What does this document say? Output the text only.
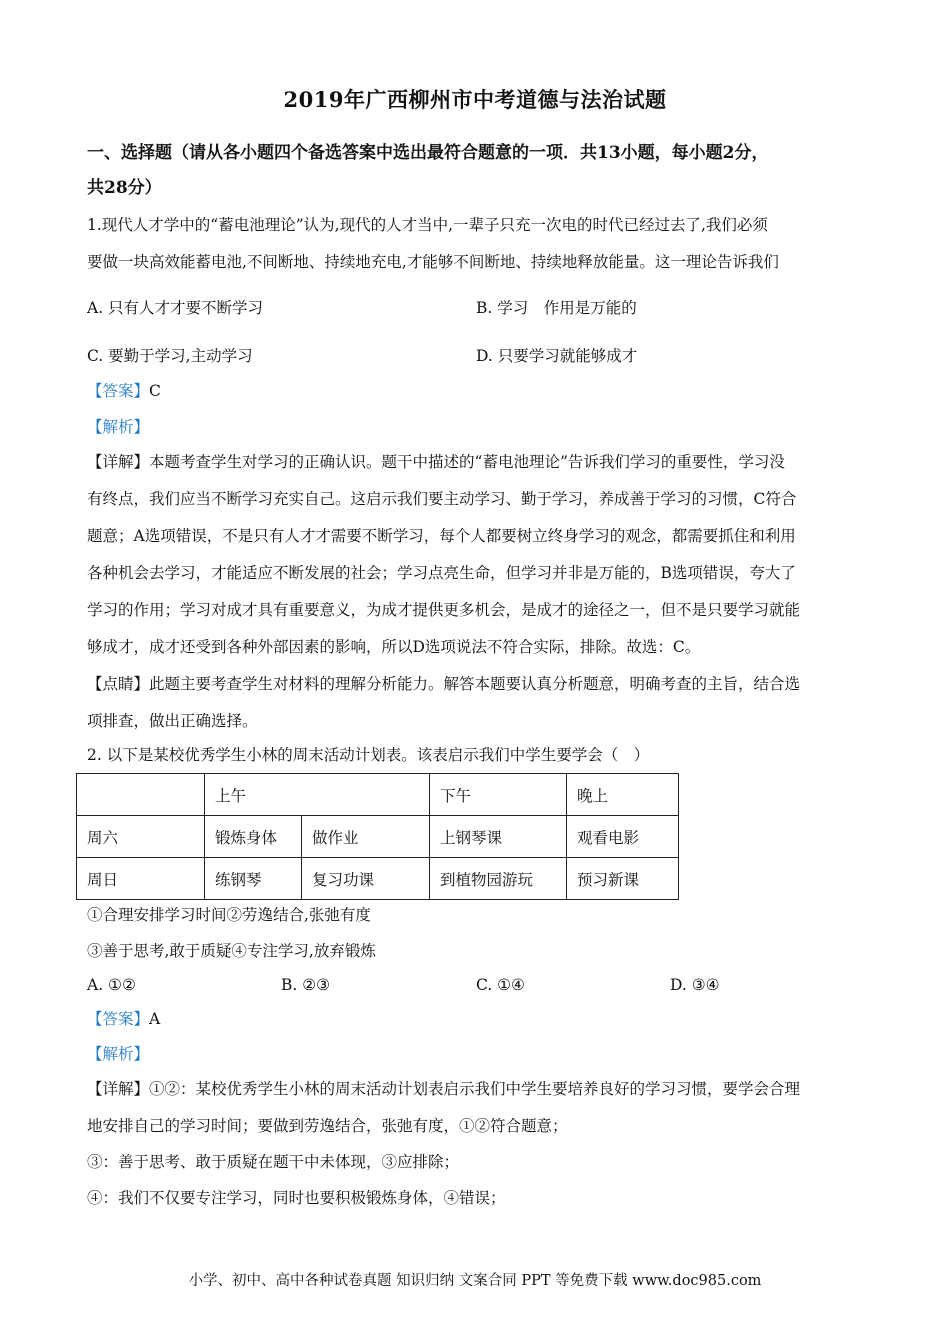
2019年广西柳州市中考道德与法治试题
一、选择题（请从各小题四个备选答案中选出最符合题意的一项．共13小题，每小题2分，
共28分）
1.现代人才学中的“蓄电池理论”认为,现代的人才当中,一辈子只充一次电的时代已经过去了,我们必须
要做一块高效能蓄电池,不间断地、持续地充电,才能够不间断地、持续地释放能量。这一理论告诉我们
A. 只有人才才要不断学习	B. 学习　作用是万能的
C. 要勤于学习,主动学习	D. 只要学习就能够成才
【答案】C
【解析】
【详解】本题考查学生对学习的正确认识。题干中描述的“蓄电池理论”告诉我们学习的重要性，学习没
有终点，我们应当不断学习充实自己。这启示我们要主动学习、勤于学习，养成善于学习的习惯，C符合
题意；A选项错误，不是只有人才才需要不断学习，每个人都要树立终身学习的观念，都需要抓住和利用
各种机会去学习，才能适应不断发展的社会；学习点亮生命，但学习并非是万能的，B选项错误，夸大了
学习的作用；学习对成才具有重要意义，为成才提供更多机会，是成才的途径之一，但不是只要学习就能
够成才，成才还受到各种外部因素的影响，所以D选项说法不符合实际，排除。故选：C。
【点睛】此题主要考查学生对材料的理解分析能力。解答本题要认真分析题意，明确考查的主旨，结合选
项排查，做出正确选择。
2. 以下是某校优秀学生小林的周末活动计划表。该表启示我们中学生要学会（　）
	上午		下午	晚上
周六	锻炼身体	做作业	上钢琴课	观看电影
周日	练钢琴	复习功课	到植物园游玩	预习新课
①合理安排学习时间②劳逸结合,张弛有度
③善于思考,敢于质疑④专注学习,放弃锻炼
A. ①②	B. ②③	C. ①④	D. ③④
【答案】A
【解析】
【详解】①②：某校优秀学生小林的周末活动计划表启示我们中学生要培养良好的学习习惯，要学会合理
地安排自己的学习时间；要做到劳逸结合，张弛有度，①②符合题意；
③：善于思考、敢于质疑在题干中未体现，③应排除；
④：我们不仅要专注学习，同时也要积极锻炼身体，④错误；
小学、初中、高中各种试卷真题 知识归纳 文案合同 PPT 等免费下载 www.doc985.com
